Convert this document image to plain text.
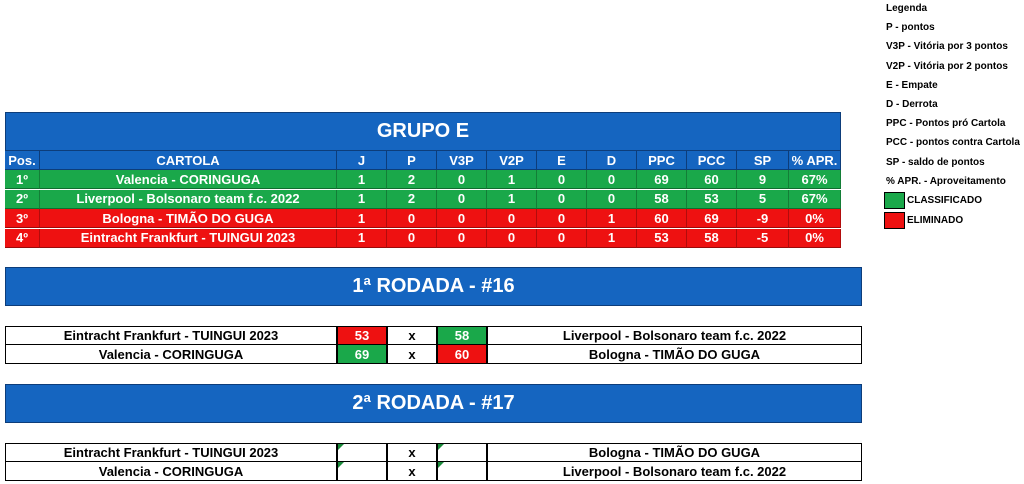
Legenda
P - pontos
V3P - Vitória por 3 pontos
V2P - Vitória por 2 pontos
E - Empate
D - Derrota
PPC - Pontos pró Cartola
PCC - pontos contra Cartola
SP - saldo de pontos
% APR. - Aproveitamento
CLASSIFICADO
ELIMINADO
GRUPO E
Pos.	CARTOLA	J	P	V3P	V2P	E	D	PPC	PCC	SP	% APR.
1º	Valencia - CORINGUGA	1	2	0	1	0	0	69	60	9	67%
2º	Liverpool - Bolsonaro team f.c. 2022	1	2	0	1	0	0	58	53	5	67%
3º	Bologna - TIMÃO DO GUGA	1	0	0	0	0	1	60	69	-9	0%
4º	Eintracht Frankfurt - TUINGUI 2023	1	0	0	0	0	1	53	58	-5	0%
1ª RODADA - #16
Eintracht Frankfurt - TUINGUI 2023	53	x	58	Liverpool - Bolsonaro team f.c. 2022
Valencia - CORINGUGA	69	x	60	Bologna - TIMÃO DO GUGA
2ª RODADA - #17
Eintracht Frankfurt - TUINGUI 2023	x	Bologna - TIMÃO DO GUGA
Valencia - CORINGUGA	x	Liverpool - Bolsonaro team f.c. 2022
